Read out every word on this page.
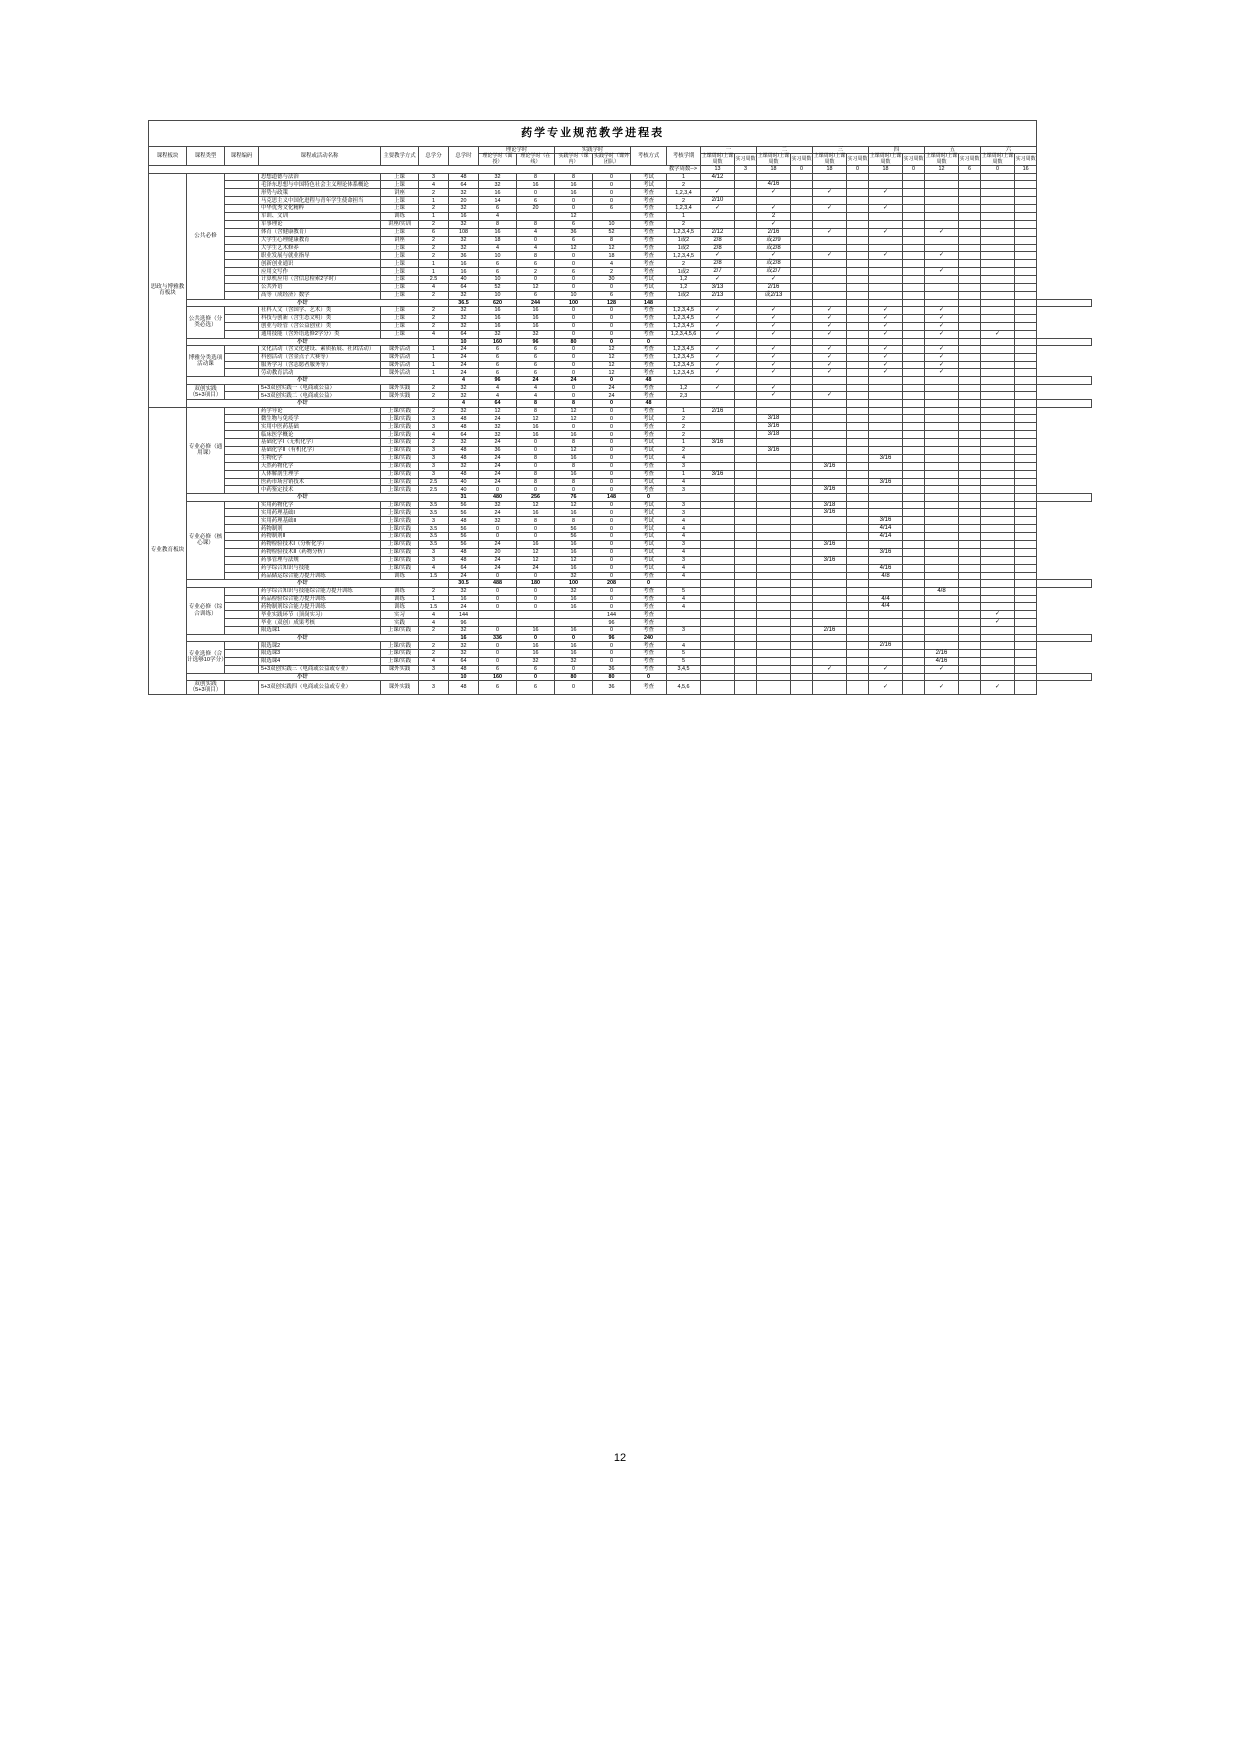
药学专业规范教学进程表																									
课程板块	课程类型	课程编码	课程或活动名称	主要教学方式	总学分	总学时	理论学时		实践学时		考核方式	考核学期	一		二		三		四		五		六		
							理论学时（面授）	理论学时（在线）	实践学时（课内）	实践学时（课外团队）			上课周时/上课周数	实习周数	上课周时/上课周数	实习周数	上课周时/上课周数	实习周数	上课周时/上课周数	实习周数	上课周时/上课周数	实习周数	上课周时/上课周数	实习周数	

教学周数-->													13	3	18	0	18	0	18	0	12	6	0	16	
思政与博雅教育板块	公共必修		思想道德与法治	上课	3	48	32	8	8	0	考试	1	4/12												
			毛泽东思想与中国特色社会主义理论体系概论	上课	4	64	32	16	16	0	考试	2			4/16										
			形势与政策	讲座	2	32	16	0	16	0	考查	1,2,3,4	✓		✓		✓		✓						
			马克思主义中国化进程与青年学生使命担当	上课	1	20	14	6	0	0	考查	2	2/10												
			中华优秀文化精粹	上课	2	32	6	20	0	6	考查	1,2,3,4	✓		✓		✓		✓						
			军训、文训	训练	1	16	4		12		考查	1			2										
			军事理论	讲座/实训	2	32	8	8	6	10	考查	2			✓										
			体育（含健康教育）	上课	6	108	16	4	36	52	考查	1,2,3,4,5	2/12		2/16		✓		✓		✓				
			大学生心理健康教育	讲座	2	32	18	0	6	8	考查	1或2	2/8		或2/9										
			大学生艺术修养	上课	2	32	4	4	12	12	考查	1或2	2/8		或2/8										
			职业发展与就业指导	上课	2	36	10	8	0	18	考查	1,2,3,4,5	✓		✓		✓		✓		✓				
			创新创业通识	上课	1	16	6	6	0	4	考查	2	2/8		或2/8										
			应用文写作	上课	1	16	6	2	6	2	考查	1或2	2/7		或2/7						✓				
			计算机应用（含信息检索2学时）	上课	2.5	40	10	0	0	30	考试	1,2	✓		✓										
			公共外语	上课	4	64	52	12	0	0	考试	1,2	3/13		2/16										
			高等（成经济）数学	上课	2	32	10	6	10	6	考查	1或2	2/13		或2/13										
	小计					36.5	620	244	100	128	148														
	公共选修（分类必选）		社科人文（含国学、艺术）类	上课	2	32	16	16	0	0	考查	1,2,3,4,5	✓		✓		✓		✓		✓				
			科技与创新（含生态文明）类	上课	2	32	16	16	0	0	考查	1,2,3,4,5	✓		✓		✓		✓		✓				
			创业与经管（含公益创业）类	上课	2	32	16	16	0	0	考查	1,2,3,4,5	✓		✓		✓		✓		✓				
			通用技能（含外语选修2学分）类	上课	4	64	32	32	0	0	考查	1,2,3,4,5,6	✓		✓		✓		✓		✓		✓		
	小计					10	160	96	80	0	0														
	博雅分类选项活动课		文化活动（含文化建设、素质拓展、社团活动）	课外活动	1	24	6	6	0	12	考查	1,2,3,4,5	✓		✓		✓		✓		✓				
			科创活动（含金点子大赛等）	课外活动	1	24	6	6	0	12	考查	1,2,3,4,5	✓		✓		✓		✓		✓				
			服务学习（含志愿者服务等）	课外活动	1	24	6	6	0	12	考查	1,2,3,4,5	✓		✓		✓		✓		✓				
			劳动教育活动	课外活动	1	24	6	6	0	12	考查	1,2,3,4,5	✓		✓		✓		✓		✓				
	小计					4	96	24	24	0	48														
	双创实践（5+3项目）		5+3双创实践一（电商或公益）	课外实践	2	32	4	4	0	24	考查	1,2	✓		✓										
			5+3双创实践二（电商或公益）	课外实践	2	32	4	4	0	24	考查	2,3			✓		✓								
	小计					4	64	8	8	0	48														
专业教育板块	专业必修（通用课）		药学导论	上课/实践	2	32	12	8	12	0	考查	1	2/16												
			微生物与免疫学	上课/实践	3	48	24	12	12	0	考试	2			3/18										
			实用中医药基础	上课/实践	3	48	32	16	0	0	考查	2			3/16										
			临床医学概论	上课/实践	4	64	32	16	16	0	考查	2			3/18										
			基础化学Ⅰ（无机化学）	上课/实践	2	32	24	0	8	0	考试	1	3/16												
			基础化学Ⅱ（有机化学）	上课/实践	3	48	36	0	12	0	考试	2			3/16										
			生物化学	上课/实践	3	48	24	8	16	0	考试	4							3/16						
			天然药物化学	上课/实践	3	32	24	0	8	0	考查	3					3/16								
			人体解剖生理学	上课/实践	3	48	24	8	16	0	考查	1	3/16												
			医药市场营销技术	上课/实践	2.5	40	24	8	8	0	考试	4							3/16						
			中药鉴定技术	上课/实践	2.5	40	0	0	0	0	考查	3					3/16								
	小计					31	480	256	76	148	0														
	专业必修（核心课）		实用药物化学	上课/实践	3.5	56	32	12	12	0	考试	3					3/18								
			实用药理基础Ⅰ	上课/实践	3.5	56	24	16	16	0	考试	3					3/16								
			实用药理基础Ⅱ	上课/实践	3	48	32	8	8	0	考试	4							3/16						
			药物制剂	上课/实践	3.5	56	0	0	56	0	考试	4							4/14						
			药物制剂Ⅱ	上课/实践	3.5	56	0	0	56	0	考试	4							4/14						
			药物检验技术Ⅰ（分析化学）	上课/实践	3.5	56	24	16	16	0	考试	3					3/16								
			药物检验技术Ⅱ（药物分析）	上课/实践	3	48	20	12	16	0	考试	4							3/16						
			药事管理与法规	上课/实践	3	48	24	12	12	0	考试	3					3/16								
			药学综合知识与技能	上课/实践	4	64	24	24	16	0	考试	4							4/16						
			药品储运综合能力提升训练	训练	1.5	24	0	0	32	0	考查	4							4/8						
	小计					30.5	488	180	100	208	0														
	专业必修（综合训练）		药学综合知识与技能综合能力提升训练	训练	2	32	0	0	32	0	考查	5									4/8				
			药品检验综合能力提升训练	训练	1	16	0	0	16	0	考查	4							4/4						
			药物制剂综合能力提升训练	训练	1.5	24	0	0	16	0	考查	4							4/4						
			毕业实践环节（顶岗实习）	实习	4	144				144	考查												✓		
			毕业（双创）成果考核	实践	4	96				96	考查												✓		
			限选课1	上课/实践	2	32	0	16	16	0	考查	3					2/16								
	小计					16	336	0	0	96	240														
	专业选修（合计选够10学分）		限选课2	上课/实践	2	32	0	16	16	0	考查	4							2/16						
			限选课3	上课/实践	2	32	0	16	16	0	考查	5									2/16				
			限选课4	上课/实践	4	64	0	32	32	0	考查	5									4/16				
			5+3双创实践三（电商或公益或专业）	课外实践	3	48	6	6	0	36	考查	3,4,5					✓		✓		✓				
	小计					10	160	0	80	80	0														
	双创实践（5+3项目）		5+3双创实践四（电商或公益或专业）	课外实践	3	48	6	6	0	36	考查	4,5,6							✓		✓		✓		
12
